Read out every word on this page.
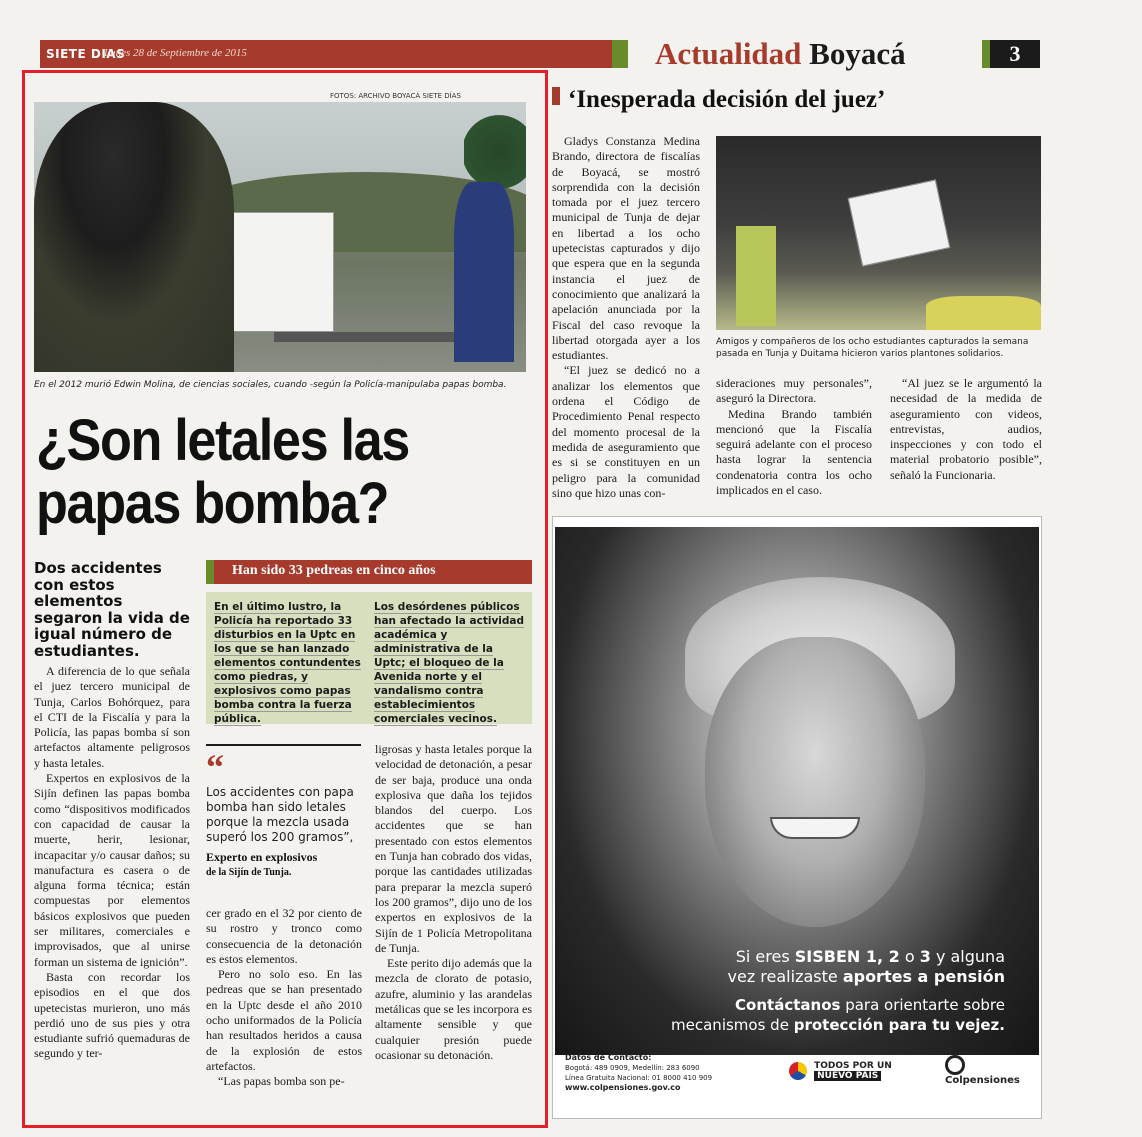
SIETE DIAS
Lunes 28 de Septiembre de 2015	Actualidad Boyacá	3
FOTOS: ARCHIVO BOYACÁ SIETE DÍAS
En el 2012 murió Edwin Molina, de ciencias sociales, cuando -según la Policía-manipulaba papas bomba.
¿Son letales las papas bomba?
Dos accidentes con estos elementos segaron la vida de igual número de estudiantes.

A diferencia de lo que señala el juez tercero municipal de Tunja, Carlos Bohórquez, para el CTI de la Fiscalía y para la Policía, las papas bomba sí son artefactos altamente peligrosos y hasta letales.

Expertos en explosivos de la Sijín definen las papas bomba como “dispositivos modificados con capacidad de causar la muerte, herir, lesionar, incapacitar y/o causar daños; su manufactura es casera o de alguna forma técnica; están compuestas por elementos básicos explosivos que pueden ser militares, comerciales e improvisados, que al unirse forman un sistema de ignición”.

Basta con recordar los episodios en el que dos upetecistas murieron, uno más perdió uno de sus pies y otra estudiante sufrió quemaduras de segundo y ter-

Han sido 33 pedreas en cinco años
En el último lustro, la Policía ha reportado 33 disturbios en la Uptc en los que se han lanzado elementos contundentes como piedras, y explosivos como papas bomba contra la fuerza pública.
Los desórdenes públicos han afectado la actividad académica y administrativa de la Uptc; el bloqueo de la Avenida norte y el vandalismo contra establecimientos comerciales vecinos.
“
Los accidentes con papa bomba han sido letales porque la mezcla usada superó los 200 gramos”,
Experto en explosivos
de la Sijín de Tunja.

cer grado en el 32 por ciento de su rostro y tronco como consecuencia de la detonación es estos elementos.

Pero no solo eso. En las pedreas que se han presentado en la Uptc desde el año 2010 ocho uniformados de la Policía han resultados heridos a causa de la explosión de estos artefactos.

“Las papas bomba son pe-

ligrosas y hasta letales porque la velocidad de detonación, a pesar de ser baja, produce una onda explosiva que daña los tejidos blandos del cuerpo. Los accidentes que se han presentado con estos elementos en Tunja han cobrado dos vidas, porque las cantidades utilizadas para preparar la mezcla superó los 200 gramos”, dijo uno de los expertos en explosivos de la Sijín de 1 Policía Metropolitana de Tunja.

Este perito dijo además que la mezcla de clorato de potasio, azufre, aluminio y las arandelas metálicas que se les incorpora es altamente sensible y que cualquier presión puede ocasionar su detonación.

‘Inesperada decisión del juez’

Gladys Constanza Medina Brando, directora de fiscalías de Boyacá, se mostró sorprendida con la decisión tomada por el juez tercero municipal de Tunja de dejar en libertad a los ocho upetecistas capturados y dijo que espera que en la segunda instancia el juez de conocimiento que analizará la apelación anunciada por la Fiscal del caso revoque la libertad otorgada ayer a los estudiantes.

“El juez se dedicó no a analizar los elementos que ordena el Código de Procedimiento Penal respecto del momento procesal de la medida de aseguramiento que es si se constituyen en un peligro para la comunidad sino que hizo unas con-

Amigos y compañeros de los ocho estudiantes capturados la semana pasada en Tunja y Duitama hicieron varios plantones solidarios.

sideraciones muy personales”, aseguró la Directora.

Medina Brando también mencionó que la Fiscalía seguirá adelante con el proceso hasta lograr la sentencia condenatoria contra los ocho implicados en el caso.

“Al juez se le argumentó la necesidad de la medida de aseguramiento con videos, entrevistas, audios, inspecciones y con todo el material probatorio posible”, señaló la Funcionaria.

Si eres SISBEN 1, 2 o 3 y alguna
vez realizaste aportes a pensión
Contáctanos para orientarte sobre
mecanismos de protección para tu vejez.
Datos de Contacto:
Bogotá: 489 0909, Medellín: 283 6090
Línea Gratuita Nacional: 01 8000 410 909
www.colpensiones.gov.co
TODOS POR UN
NUEVO PAÍS	Colpensiones
